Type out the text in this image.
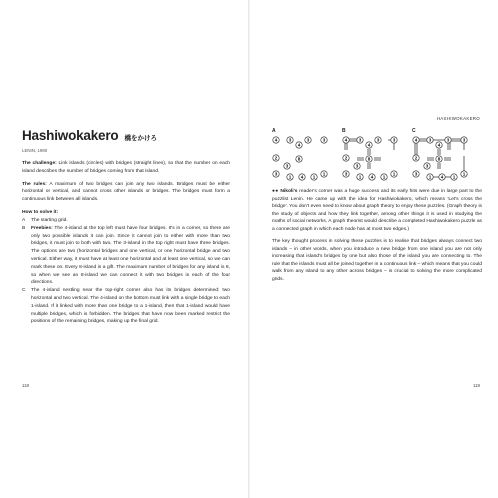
Hashiwokakero 橋をかけろ
LENIN, 1990

The challenge: Link islands (circles) with bridges (straight lines), so that the number on each island describes the number of bridges coming from that island.

The rules: A maximum of two bridges can join any two islands. Bridges must be either horizontal or vertical, and cannot cross other islands or bridges. The bridges must form a continuous link between all islands.

How to solve it:
A	The starting grid.
B	Freebies: The 4-island at the top left must have four bridges. It's in a corner, so there are only two possible islands it can join. Since it cannot join to either with more than two bridges, it must join to both with two. The 3-island in the top right must have three bridges. The options are two (horizontal bridges and one vertical, or one horizontal bridge and two vertical. Either way, it must have at least one horizontal and at least one vertical, so we can mark these on. Every 8-island is a gift. The maximum number of bridges for any island is 8, so when we see an 8-island we can connect it with two bridges in each of the four directions.
C	The 4-island nestling near the top-right corner also has its bridges determined: two horizontal and two vertical. The 4-island on the bottom must link with a single bridge to each 1-island. If it linked with more than one bridge to a 1-island, then that 1-island would have multiple bridges, which is forbidden. The bridges that have now been marked restrict the positions of the remaining bridges, making up the final grid.
118
HASHIWOKAKERO
A
4 3	3	3
2
4
8
3
3
1
1 4 1
B
4 3	3	3
2
4
8
3
3
1
1 4 1
C
4 3	3	3
2
4
8
3
3
1
1 4 1

●● Nikoli's reader's corner was a huge success and its early hits were due in large part to the puzzlist Lenin. He came up with the idea for Hashiwokakero, which means 'Let's cross the bridge'. You don't even need to know about graph theory to enjoy these puzzles. (Graph theory is the study of objects and how they link together, among other things it is used in studying the maths of social networks. A graph theorist would describe a completed Hashiwokakero puzzle as a connected graph in which each node has at most two edges.)

The key thought process in solving these puzzles is to realise that bridges always connect two islands – in other words, when you introduce a new bridge from one island you are not only increasing that island's bridges by one but also those of the island you are connecting to. The rule that the islands must all be joined together in a continuous link – which means that you could walk from any island to any other across bridges – is crucial to solving the more complicated grids.

119
